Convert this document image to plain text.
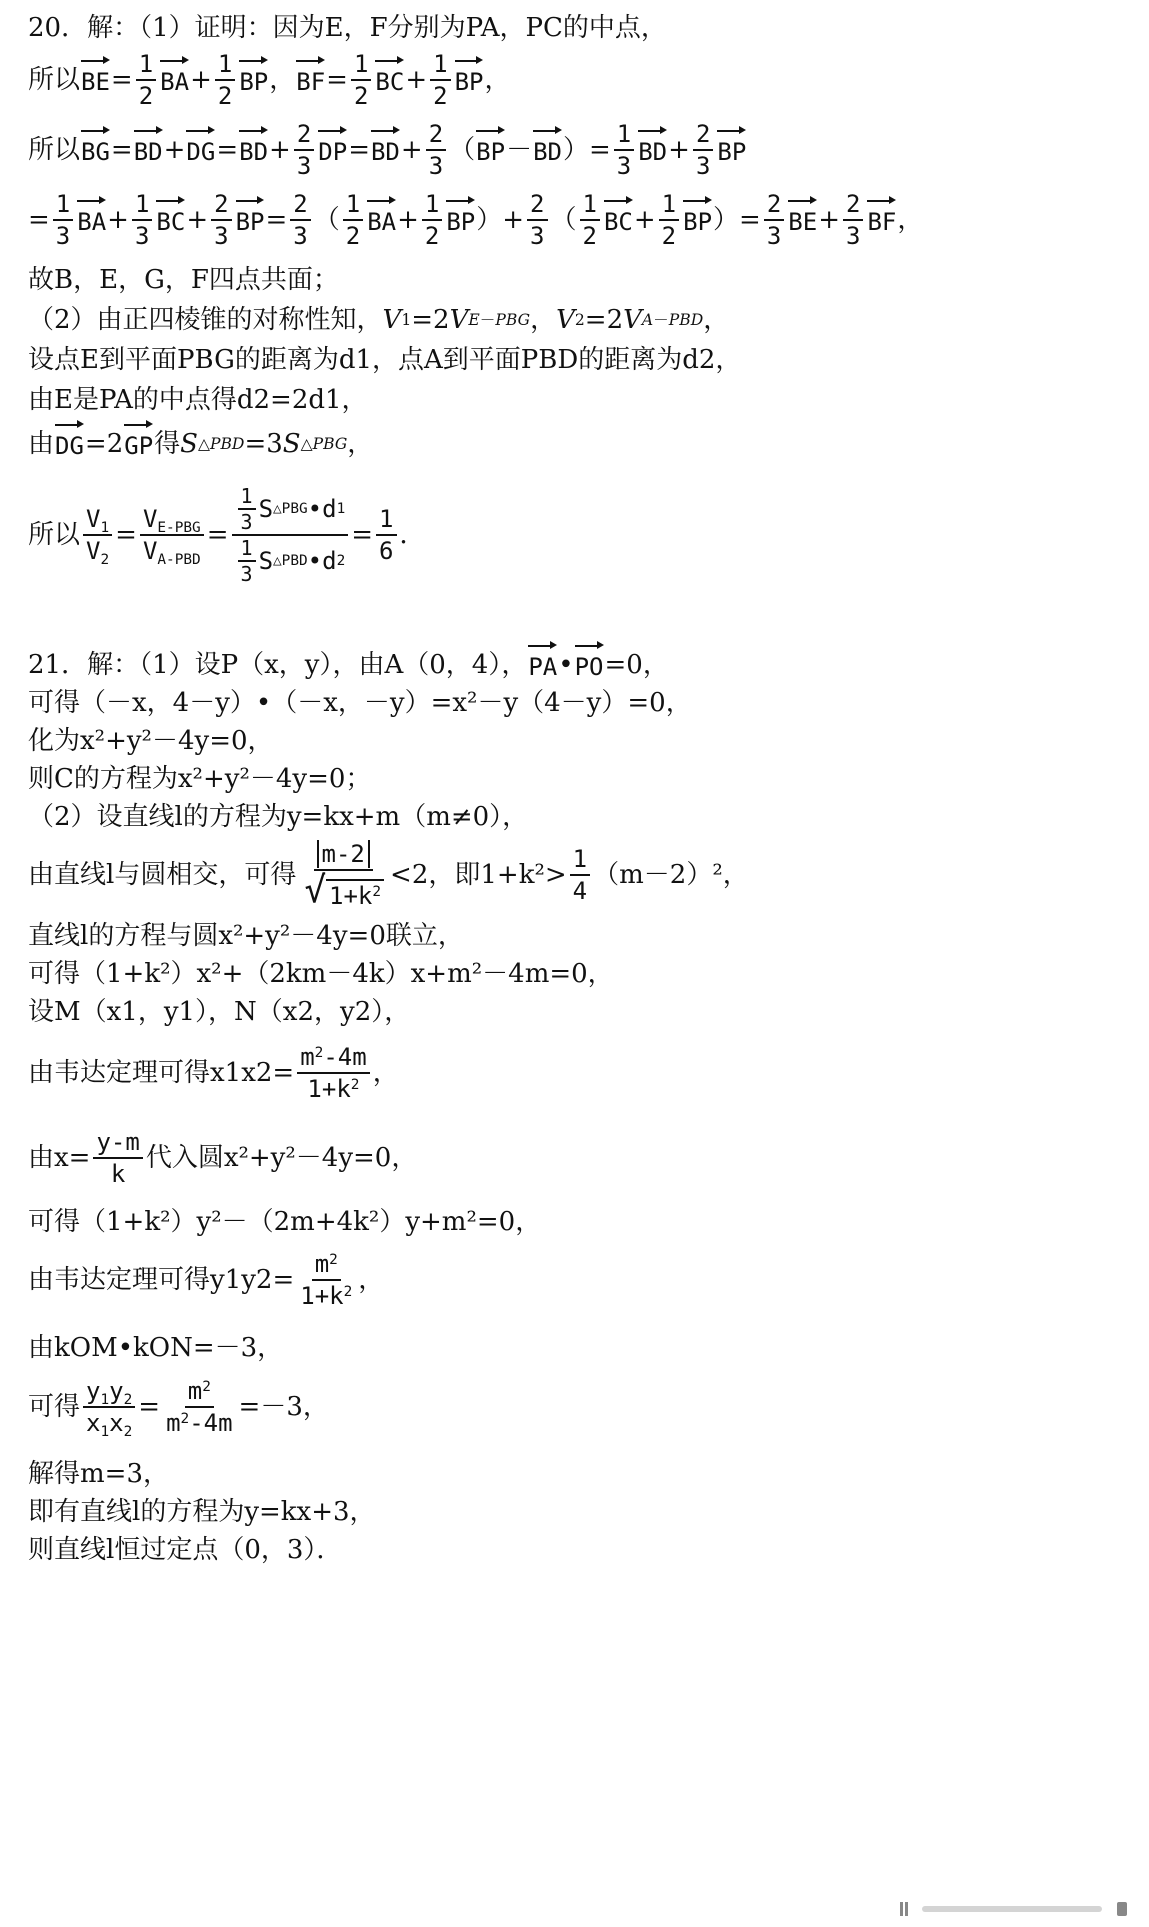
20．解：（1）证明：因为E，F分别为PA，PC的中点，
所以 BE = $\frac{1}{2}$ BA + $\frac{1}{2}$ BP ， BF = $\frac{1}{2}$ BC + $\frac{1}{2}$ BP ，
所以 BG = BD + DG = BD + $\frac{2}{3}$ DP = BD + $\frac{2}{3}$ （ BP － BD ）= $\frac{1}{3}$ BD + $\frac{2}{3}$ BP
= $\frac{1}{3}$ BA + $\frac{1}{3}$ BC + $\frac{2}{3}$ BP = $\frac{2}{3}$ （ $\frac{1}{2}$ BA + $\frac{1}{2}$ BP ）+ $\frac{2}{3}$ （ $\frac{1}{2}$ BC + $\frac{1}{2}$ BP ）= $\frac{2}{3}$ BE + $\frac{2}{3}$ BF ，
故B，E，G，F四点共面；
（2）由正四棱锥的对称性知， V 1 =2 V E－PBG ， V 2 =2 V A－PBD ，
设点E到平面PBG的距离为d1，点A到平面PBD的距离为d2，
由E是PA的中点得d2=2d1，
由 DG =2 GP 得 S △PBD =3 S △PBG ，
所以 $\frac{V_1}{V_2} = \frac{V_{E-PBG}}{V_{A-PBD}} = \frac{\frac{1}{3} S \triangle PBG •d 1}{\frac{1}{3} S \triangle PBD •d 2} = \frac{1}{6}$ ．
21．解：（1）设P（x，y），由A（0，4）， PA • PO =0，
可得（－x，4－y）•（－x，－y）=x²－y（4－y）=0，
化为x²+y²－4y=0，
则C的方程为x²+y²－4y=0；
（2）设直线l的方程为y=kx+m（m≠0），
由直线l与圆相交，可得 $\frac{m-2}{√ 1+k^2} <2$，即$1+k^2> \frac{1}{4} (m-2)^2$，
直线l的方程与圆x²+y²－4y=0联立，
可得（1+k²）x²+（2km－4k）x+m²－4m=0，
设M（x1，y1），N（x2，y2），
由韦达定理可得$x1x2= \frac{m^2-4m}{1+k^2}$ ，
由$x= \frac{y-m}{k}$ 代入圆x²+y²－4y=0，
可得（1+k²）y²－（2m+4k²）y+m²=0，
由韦达定理可得$y1y2= \frac{m^2}{1+k^2}$ ，
由kOM•kON=－3，
可得 $\frac{y_1y_2}{x_1x_2} = \frac{m^2}{m^2-4m} =-3$，
解得m=3，
即有直线l的方程为y=kx+3，
则直线l恒过定点（0，3）．
